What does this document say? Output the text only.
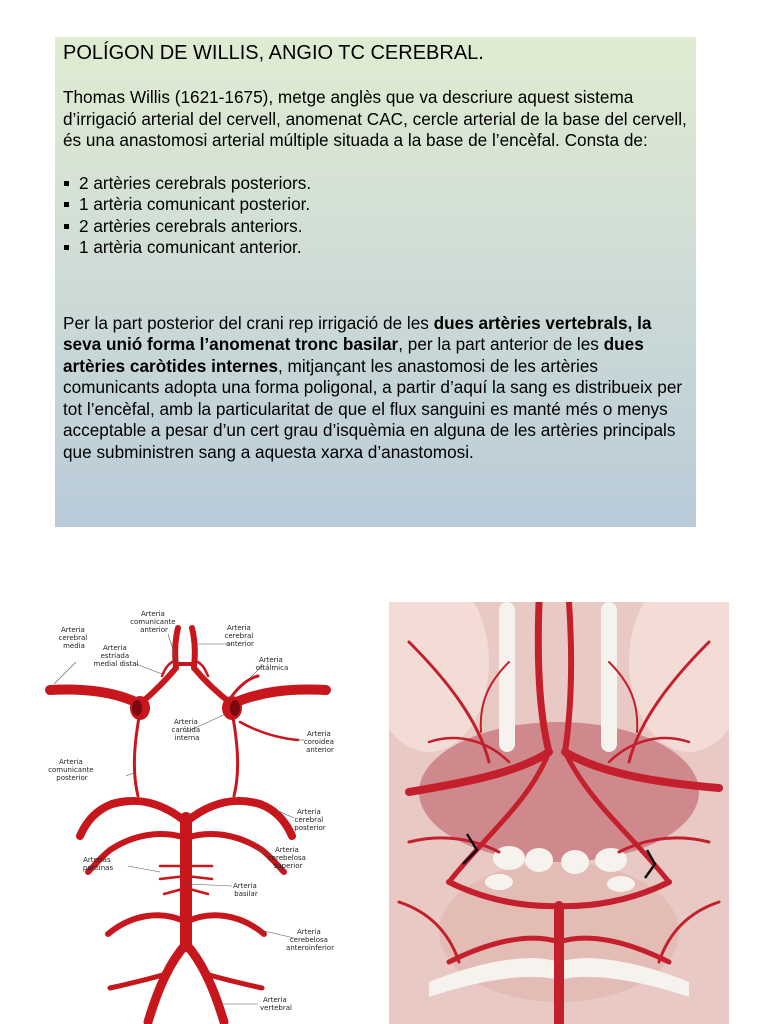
POLÍGON DE WILLIS, ANGIO TC CEREBRAL.

Thomas Willis (1621-1675), metge anglès que va descriure aquest sistema d’irrigació arterial del cervell, anomenat CAC, cercle arterial de la base del cervell, és una anastomosi arterial múltiple situada a la base de l’encèfal. Consta de:

2 artèries cerebrals posteriors.
1 artèria comunicant posterior.
2 artèries cerebrals anteriors.
1 artèria comunicant anterior.

Per la part posterior del crani rep irrigació de les dues artèries vertebrals, la seva unió forma l’anomenat tronc basilar, per la part anterior de les dues artèries caròtides internes, mitjançant les anastomosi de les artèries comunicants adopta una forma poligonal, a partir d’aquí la sang es distribueix per tot l’encèfal, amb la particularitat de que el flux sanguini es manté més o menys acceptable a pesar d’un cert grau d’isquèmia en alguna de les artèries principals que subministren sang a aquesta xarxa d’anastomosi.

Arteria comunicante anterior
Arteria cerebral media
Arteria cerebral anterior
Arteria estriada medial distal	Arteria oftálmica
Arteria carótida interna	Arteria coroidea anterior
Arteria comunicante posterior
Arteria cerebral posterior
Arterias pontinas
Arteria cerebelosa superior
Arteria basilar
Arteria cerebelosa anteroinferior
Arteria vertebral
